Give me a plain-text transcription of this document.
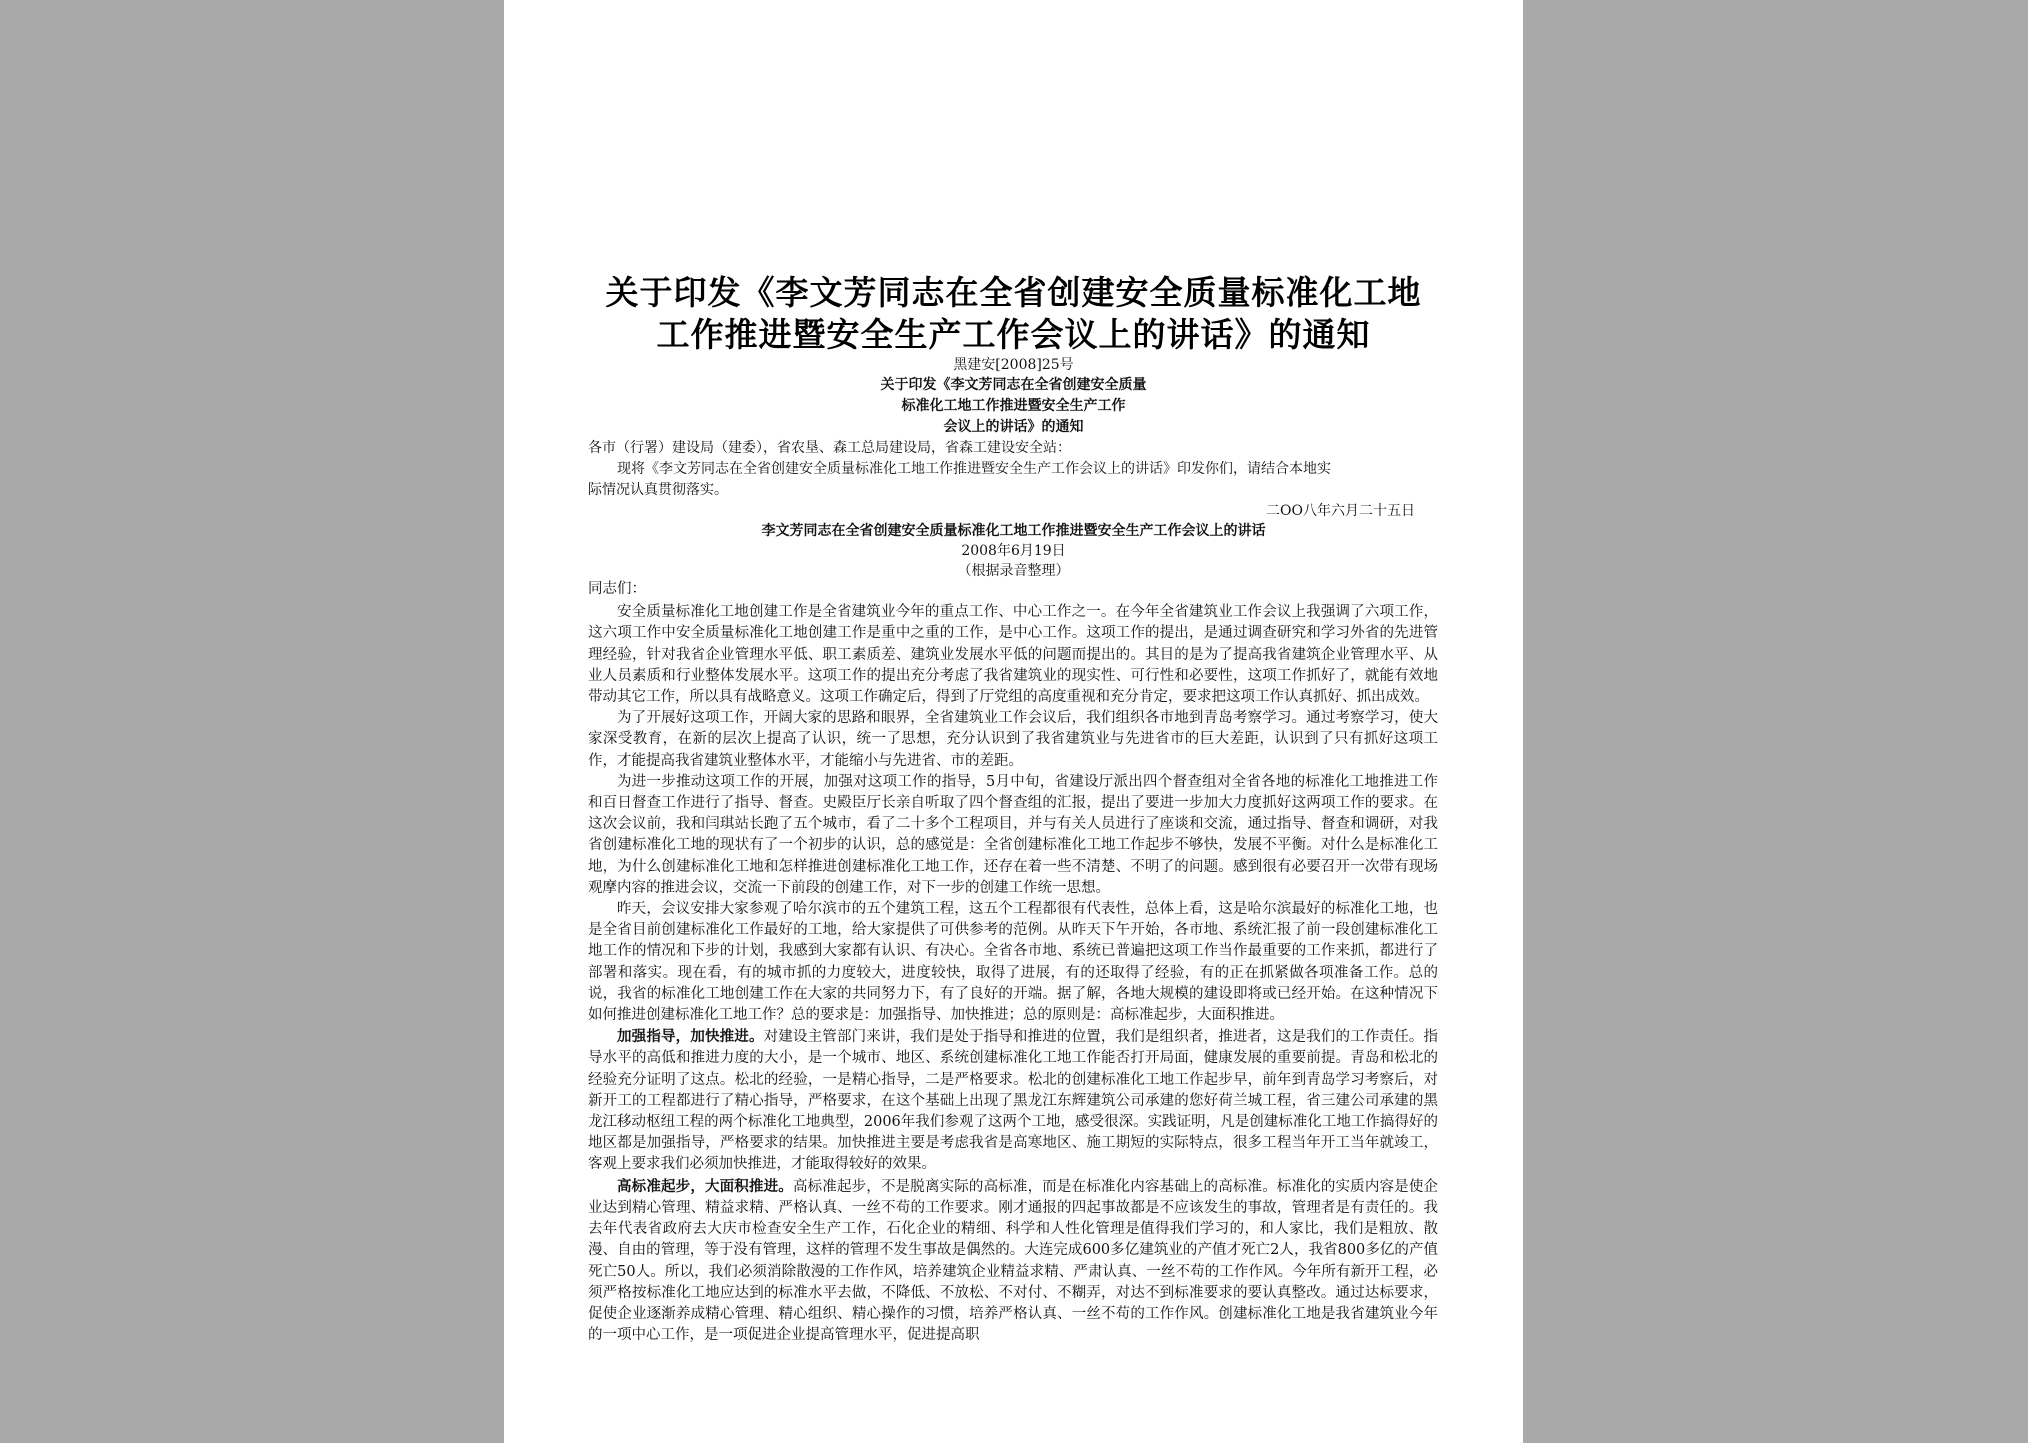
关于印发《李文芳同志在全省创建安全质量标准化工地
工作推进暨安全生产工作会议上的讲话》的通知
黑建安[2008]25号
关于印发《李文芳同志在全省创建安全质量
标准化工地工作推进暨安全生产工作
会议上的讲话》的通知
各市（行署）建设局（建委），省农垦、森工总局建设局，省森工建设安全站：
现将《李文芳同志在全省创建安全质量标准化工地工作推进暨安全生产工作会议上的讲话》印发你们，请结合本地实
际情况认真贯彻落实。
二OO八年六月二十五日
李文芳同志在全省创建安全质量标准化工地工作推进暨安全生产工作会议上的讲话
2008年6月19日
（根据录音整理）
同志们：

安全质量标准化工地创建工作是全省建筑业今年的重点工作、中心工作之一。在今年全省建筑业工作会议上我强调了六项工作，这六项工作中安全质量标准化工地创建工作是重中之重的工作，是中心工作。这项工作的提出，是通过调查研究和学习外省的先进管理经验，针对我省企业管理水平低、职工素质差、建筑业发展水平低的问题而提出的。其目的是为了提高我省建筑企业管理水平、从业人员素质和行业整体发展水平。这项工作的提出充分考虑了我省建筑业的现实性、可行性和必要性，这项工作抓好了，就能有效地带动其它工作，所以具有战略意义。这项工作确定后，得到了厅党组的高度重视和充分肯定，要求把这项工作认真抓好、抓出成效。

为了开展好这项工作，开阔大家的思路和眼界，全省建筑业工作会议后，我们组织各市地到青岛考察学习。通过考察学习，使大家深受教育，在新的层次上提高了认识，统一了思想，充分认识到了我省建筑业与先进省市的巨大差距，认识到了只有抓好这项工作，才能提高我省建筑业整体水平，才能缩小与先进省、市的差距。

为进一步推动这项工作的开展，加强对这项工作的指导，5月中旬，省建设厅派出四个督查组对全省各地的标准化工地推进工作和百日督查工作进行了指导、督查。史殿臣厅长亲自听取了四个督查组的汇报，提出了要进一步加大力度抓好这两项工作的要求。在这次会议前，我和闫琪站长跑了五个城市，看了二十多个工程项目，并与有关人员进行了座谈和交流，通过指导、督查和调研，对我省创建标准化工地的现状有了一个初步的认识，总的感觉是：全省创建标准化工地工作起步不够快，发展不平衡。对什么是标准化工地，为什么创建标准化工地和怎样推进创建标准化工地工作，还存在着一些不清楚、不明了的问题。感到很有必要召开一次带有现场观摩内容的推进会议，交流一下前段的创建工作，对下一步的创建工作统一思想。

昨天，会议安排大家参观了哈尔滨市的五个建筑工程，这五个工程都很有代表性，总体上看，这是哈尔滨最好的标准化工地，也是全省目前创建标准化工作最好的工地，给大家提供了可供参考的范例。从昨天下午开始，各市地、系统汇报了前一段创建标准化工地工作的情况和下步的计划，我感到大家都有认识、有决心。全省各市地、系统已普遍把这项工作当作最重要的工作来抓，都进行了部署和落实。现在看，有的城市抓的力度较大，进度较快，取得了进展，有的还取得了经验，有的正在抓紧做各项准备工作。总的说，我省的标准化工地创建工作在大家的共同努力下，有了良好的开端。据了解，各地大规模的建设即将或已经开始。在这种情况下如何推进创建标准化工地工作？总的要求是：加强指导、加快推进；总的原则是：高标准起步，大面积推进。

加强指导，加快推进。对建设主管部门来讲，我们是处于指导和推进的位置，我们是组织者，推进者，这是我们的工作责任。指导水平的高低和推进力度的大小，是一个城市、地区、系统创建标准化工地工作能否打开局面，健康发展的重要前提。青岛和松北的经验充分证明了这点。松北的经验，一是精心指导，二是严格要求。松北的创建标准化工地工作起步早，前年到青岛学习考察后，对新开工的工程都进行了精心指导，严格要求，在这个基础上出现了黑龙江东辉建筑公司承建的您好荷兰城工程，省三建公司承建的黑龙江移动枢纽工程的两个标准化工地典型，2006年我们参观了这两个工地，感受很深。实践证明，凡是创建标准化工地工作搞得好的地区都是加强指导，严格要求的结果。加快推进主要是考虑我省是高寒地区、施工期短的实际特点，很多工程当年开工当年就竣工，客观上要求我们必须加快推进，才能取得较好的效果。

高标准起步，大面积推进。高标准起步，不是脱离实际的高标准，而是在标准化内容基础上的高标准。标准化的实质内容是使企业达到精心管理、精益求精、严格认真、一丝不苟的工作要求。刚才通报的四起事故都是不应该发生的事故，管理者是有责任的。我去年代表省政府去大庆市检查安全生产工作，石化企业的精细、科学和人性化管理是值得我们学习的，和人家比，我们是粗放、散漫、自由的管理，等于没有管理，这样的管理不发生事故是偶然的。大连完成600多亿建筑业的产值才死亡2人，我省800多亿的产值死亡50人。所以，我们必须消除散漫的工作作风，培养建筑企业精益求精、严肃认真、一丝不苟的工作作风。今年所有新开工程，必须严格按标准化工地应达到的标准水平去做，不降低、不放松、不对付、不糊弄，对达不到标准要求的要认真整改。通过达标要求，促使企业逐渐养成精心管理、精心组织、精心操作的习惯，培养严格认真、一丝不苟的工作作风。创建标准化工地是我省建筑业今年的一项中心工作，是一项促进企业提高管理水平，促进提高职
